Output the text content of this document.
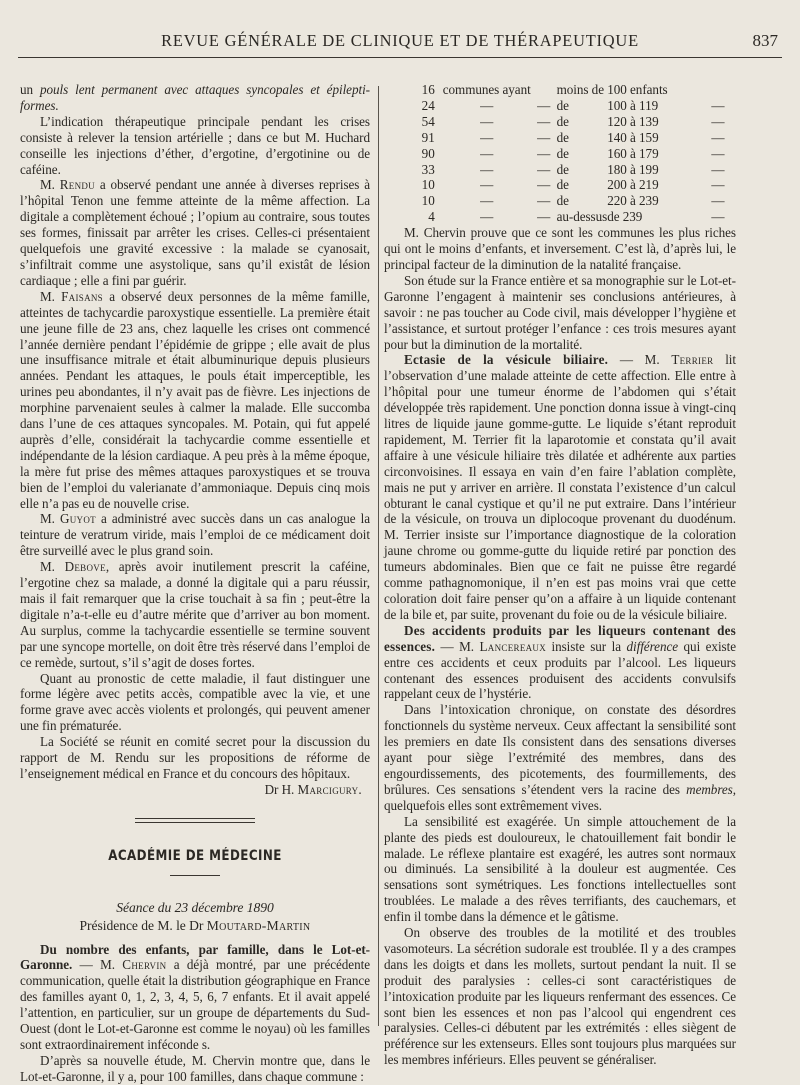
REVUE GÉNÉRALE DE CLINIQUE ET DE THÉRAPEUTIQUE	837

un pouls lent permanent avec attaques syncopales et épilepti-formes.

L’indication thérapeutique principale pendant les crises consiste à relever la tension artérielle ; dans ce but M. Huchard conseille les injections d’éther, d’ergotine, d’ergotinine ou de caféine.

M. Rendu a observé pendant une année à diverses reprises à l’hôpital Tenon une femme atteinte de la même affection. La digitale a complètement échoué ; l’opium au contraire, sous toutes ses formes, finissait par arrêter les crises. Celles-ci présentaient quelquefois une gravité excessive : la malade se cyanosait, s’infiltrait comme une asystolique, sans qu’il existât de lésion cardiaque ; elle a fini par guérir.

M. Faisans a observé deux personnes de la même famille, atteintes de tachycardie paroxystique essentielle. La première était une jeune fille de 23 ans, chez laquelle les crises ont commencé l’année dernière pendant l’épidémie de grippe ; elle avait de plus une insuffisance mitrale et était albuminurique depuis plusieurs années. Pendant les attaques, le pouls était imperceptible, les urines peu abondantes, il n’y avait pas de fièvre. Les injections de morphine parvenaient seules à calmer la malade. Elle succomba dans l’une de ces attaques syncopales. M. Potain, qui fut appelé auprès d’elle, considérait la tachycardie comme essentielle et indépendante de la lésion cardiaque. A peu près à la même époque, la mère fut prise des mêmes attaques paroxystiques et se trouva bien de l’emploi du valerianate d’ammoniaque. Depuis cinq mois elle n’a pas eu de nouvelle crise.

M. Guyot a administré avec succès dans un cas analogue la teinture de veratrum viride, mais l’emploi de ce médicament doit être surveillé avec le plus grand soin.

M. Debove, après avoir inutilement prescrit la caféine, l’ergotine chez sa malade, a donné la digitale qui a paru réussir, mais il fait remarquer que la crise touchait à sa fin ; peut-être la digitale n’a-t-elle eu d’autre mérite que d’arriver au bon moment. Au surplus, comme la tachycardie essentielle se termine souvent par une syncope mortelle, on doit être très réservé dans l’emploi de ce remède, surtout, s’il s’agit de doses fortes.

Quant au pronostic de cette maladie, il faut distinguer une forme légère avec petits accès, compatible avec la vie, et une forme grave avec accès violents et prolongés, qui peuvent amener une fin prématurée.

La Société se réunit en comité secret pour la discussion du rapport de M. Rendu sur les propositions de réforme de l’enseignement médical en France et du concours des hôpitaux.

Dr H. Marcigury.

ACADÉMIE DE MÉDECINE
Séance du 23 décembre 1890
Présidence de M. le Dr Moutard-Martin

Du nombre des enfants, par famille, dans le Lot-et-Garonne. — M. Chervin a déjà montré, par une précédente communication, quelle était la distribution géographique en France des familles ayant 0, 1, 2, 3, 4, 5, 6, 7 enfants. Et il avait appelé l’attention, en particulier, sur un groupe de départements du Sud-Ouest (dont le Lot-et-Garonne est comme le noyau) où les familles sont extraordinairement inféconde s.

D’après sa nouvelle étude, M. Chervin montre que, dans le Lot-et-Garonne, il y a, pour 100 familles, dans chaque commune :

16	communes ayant		moins de	100 enfants	
24	—	—	de	100 à 119	—
54	—	—	de	120 à 139	—
91	—	—	de	140 à 159	—
90	—	—	de	160 à 179	—
33	—	—	de	180 à 199	—
10	—	—	de	200 à 219	—
10	—	—	de	220 à 239	—
4	—	—	au-dessus	de 239	—

M. Chervin prouve que ce sont les communes les plus riches qui ont le moins d’enfants, et inversement. C’est là, d’après lui, le principal facteur de la diminution de la natalité française.

Son étude sur la France entière et sa monographie sur le Lot-et-Garonne l’engagent à maintenir ses conclusions antérieures, à savoir : ne pas toucher au Code civil, mais développer l’hygiène et l’assistance, et surtout protéger l’enfance : ces trois mesures ayant pour but la diminution de la mortalité.

Ectasie de la vésicule biliaire. — M. Terrier lit l’observation d’une malade atteinte de cette affection. Elle entre à l’hôpital pour une tumeur énorme de l’abdomen qui s’était développée très rapidement. Une ponction donna issue à vingt-cinq litres de liquide jaune gomme-gutte. Le liquide s’étant reproduit rapidement, M. Terrier fit la laparotomie et constata qu’il avait affaire à une vésicule hiliaire très dilatée et adhérente aux parties circonvoisines. Il essaya en vain d’en faire l’ablation complète, mais ne put y arriver en arrière. Il constata l’existence d’un calcul obturant le canal cystique et qu’il ne put extraire. Dans l’intérieur de la vésicule, on trouva un diplocoque provenant du duodénum. M. Terrier insiste sur l’importance diagnostique de la coloration jaune chrome ou gomme-gutte du liquide retiré par ponction des tumeurs abdominales. Bien que ce fait ne puisse être regardé comme pathagnomonique, il n’en est pas moins vrai que cette coloration doit faire penser qu’on a affaire à un liquide contenant de la bile et, par suite, provenant du foie ou de la vésicule biliaire.

Des accidents produits par les liqueurs contenant des essences. — M. Lancereaux insiste sur la différence qui existe entre ces accidents et ceux produits par l’alcool. Les liqueurs contenant des essences produisent des accidents convulsifs rappelant ceux de l’hystérie.

Dans l’intoxication chronique, on constate des désordres fonctionnels du système nerveux. Ceux affectant la sensibilité sont les premiers en date Ils consistent dans des sensations diverses ayant pour siège l’extrémité des membres, dans des engourdissements, des picotements, des fourmillements, des brûlures. Ces sensations s’étendent vers la racine des membres, quelquefois elles sont extrêmement vives.

La sensibilité est exagérée. Un simple attouchement de la plante des pieds est douloureux, le chatouillement fait bondir le malade. Le réflexe plantaire est exagéré, les autres sont normaux ou diminués. La sensibilité à la douleur est augmentée. Ces sensations sont symétriques. Les fonctions intellectuelles sont troublées. Le malade a des rêves terrifiants, des cauchemars, et enfin il tombe dans la démence et le gâtisme.

On observe des troubles de la motilité et des troubles vasomoteurs. La sécrétion sudorale est troublée. Il y a des crampes dans les doigts et dans les mollets, surtout pendant la nuit. Il se produit des paralysies : celles-ci sont caractéristiques de l’intoxication produite par les liqueurs renfermant des essences. Ce sont bien les essences et non pas l’alcool qui engendrent ces paralysies. Celles-ci débutent par les extrémités : elles siègent de préférence sur les extenseurs. Elles sont toujours plus marquées sur les membres inférieurs. Elles peuvent se généraliser.
